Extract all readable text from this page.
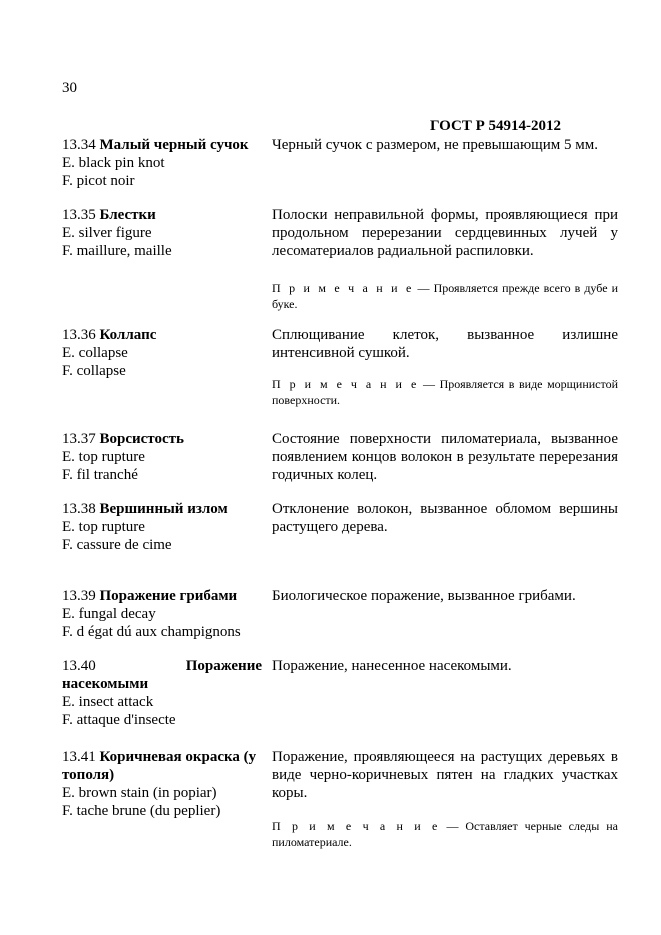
30
ГОСТ Р 54914-2012
13.34 Малый черный сучок
E. black pin knot
F. picot noir
Черный сучок с размером, не превышающим 5 мм.
13.35 Блестки
E. silver figure
F. maillure, maille
Полоски неправильной формы, проявляющиеся при продольном перерезании сердцевинных лучей у лесоматериалов радиальной распиловки.
П р и м е ч а н и е — Проявляется прежде всего в дубе и буке.
13.36 Коллапс
E. collapse
F. collapse
Сплющивание клеток, вызванное излишне интенсивной сушкой.
П р и м е ч а н и е — Проявляется в виде морщинистой поверхности.
13.37 Ворсистость
E. top rupture
F. fil tranché
Состояние поверхности пиломатериала, вызванное появлением концов волокон в результате перерезания годичных колец.
13.38 Вершинный излом
E. top rupture
F. cassure de cime
Отклонение волокон, вызванное обломом вершины растущего дерева.
13.39 Поражение грибами
E. fungal decay
F. d égat dú aux champignons
Биологическое поражение, вызванное грибами.
13.40	Поражение насекомыми
E. insect attack
F. attaque d'insecte
Поражение, нанесенное насекомыми.
13.41 Коричневая окраска (у тополя)
E. brown stain (in popiar)
F. tache brune (du peplier)
Поражение, проявляющееся на растущих деревьях в виде черно-коричневых пятен на гладких участках коры.
П р и м е ч а н и е — Оставляет черные следы на пиломатериале.
